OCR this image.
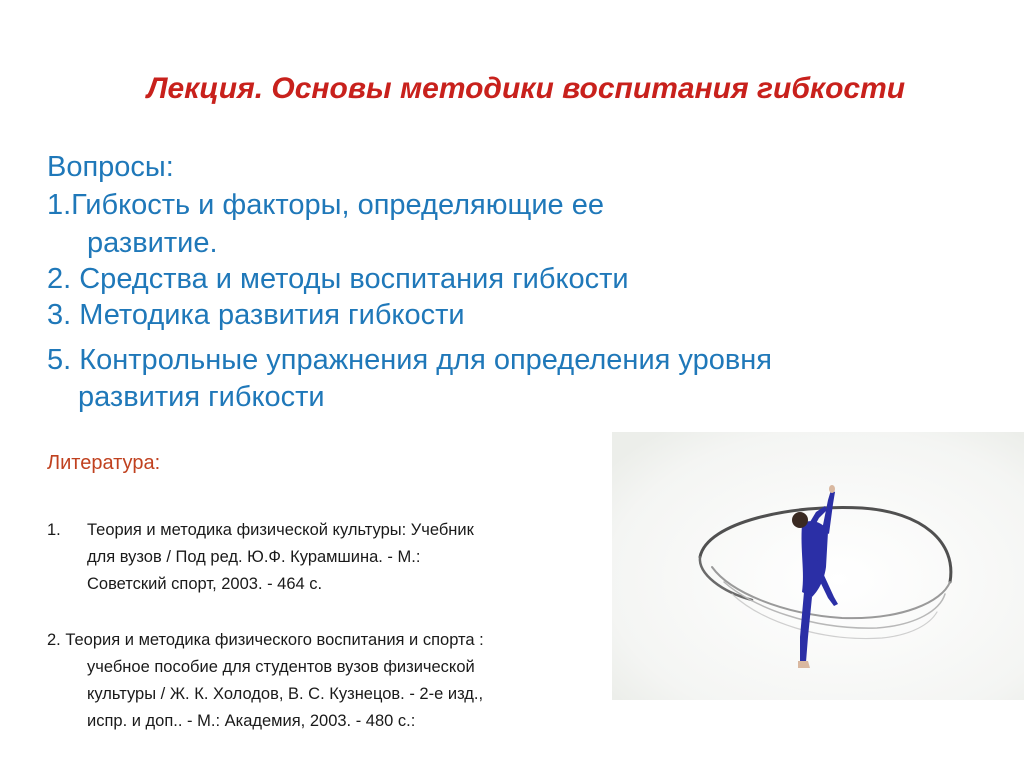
Лекция. Основы методики воспитания гибкости
Вопросы:
1.Гибкость и факторы, определяющие ее
развитие.
2. Средства и методы воспитания гибкости
3. Методика развития гибкости
5. Контрольные упражнения для определения уровня
развития гибкости
Литература:
1. Теория и методика физической культуры: Учебник
для вузов / Под ред. Ю.Ф. Курамшина. - М.:
Советский спорт, 2003. - 464 с.
2. Теория и методика физического воспитания и спорта :
учебное пособие для студентов вузов физической
культуры / Ж. К. Холодов, В. С. Кузнецов. - 2-е изд.,
испр. и доп.. - М.: Академия, 2003. - 480 с.:
